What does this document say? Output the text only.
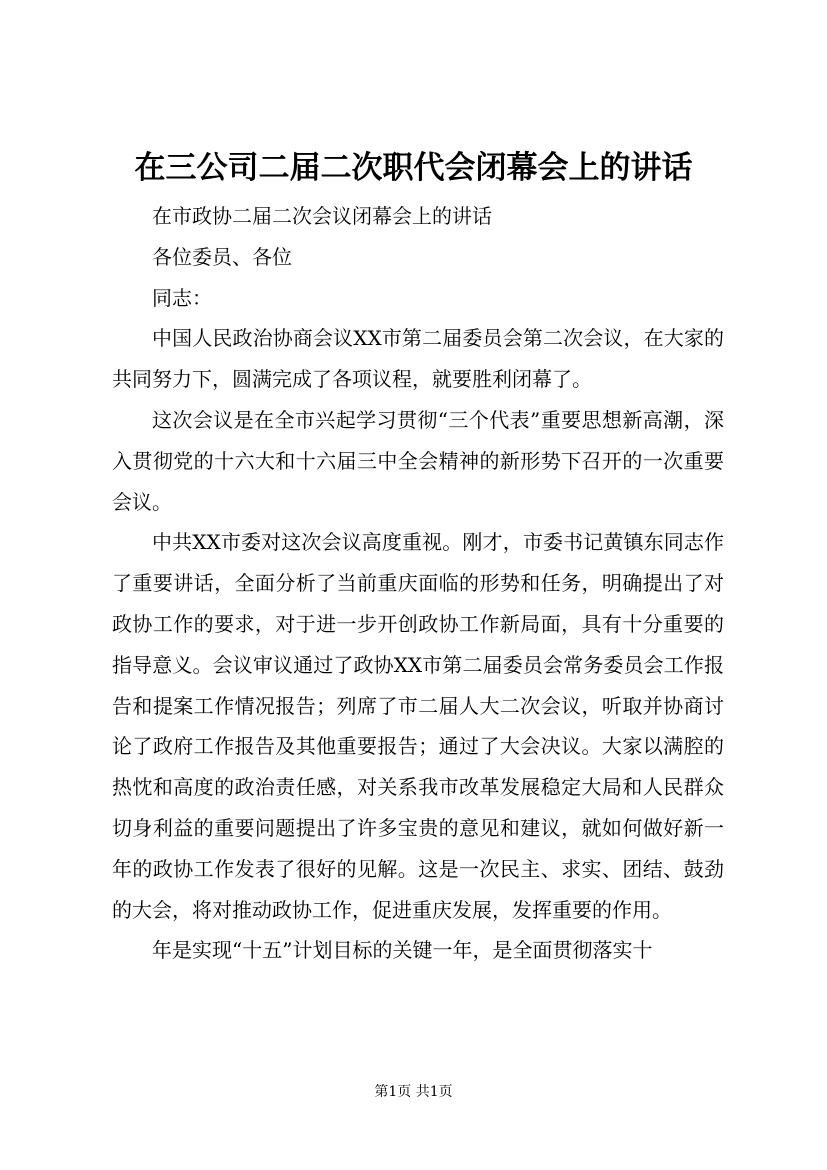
在三公司二届二次职代会闭幕会上的讲话

在市政协二届二次会议闭幕会上的讲话

各位委员、各位

同志：

中国人民政治协商会议XX市第二届委员会第二次会议，在大家的共同努力下，圆满完成了各项议程，就要胜利闭幕了。

这次会议是在全市兴起学习贯彻“三个代表”重要思想新高潮，深入贯彻党的十六大和十六届三中全会精神的新形势下召开的一次重要会议。

中共XX市委对这次会议高度重视。刚才，市委书记黄镇东同志作了重要讲话，全面分析了当前重庆面临的形势和任务，明确提出了对政协工作的要求，对于进一步开创政协工作新局面，具有十分重要的指导意义。会议审议通过了政协XX市第二届委员会常务委员会工作报告和提案工作情况报告；列席了市二届人大二次会议，听取并协商讨论了政府工作报告及其他重要报告；通过了大会决议。大家以满腔的热忱和高度的政治责任感，对关系我市改革发展稳定大局和人民群众切身利益的重要问题提出了许多宝贵的意见和建议，就如何做好新一年的政协工作发表了很好的见解。这是一次民主、求实、团结、鼓劲的大会，将对推动政协工作，促进重庆发展，发挥重要的作用。

年是实现“十五”计划目标的关键一年，是全面贯彻落实十

第1页 共1页
